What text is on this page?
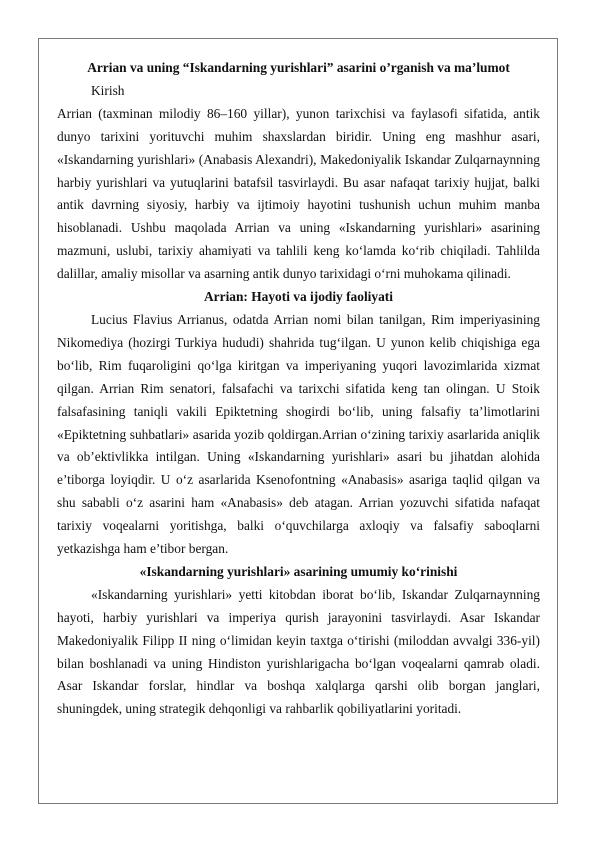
Arrian va uning “Iskandarning yurishlari” asarini o’rganish va ma’lumot

Kirish

Arrian (taxminan milodiy 86–160 yillar), yunon tarixchisi va faylasofi sifatida, antik dunyo tarixini yorituvchi muhim shaxslardan biridir. Uning eng mashhur asari, «Iskandarning yurishlari» (Anabasis Alexandri), Makedoniyalik Iskandar Zulqarnaynning harbiy yurishlari va yutuqlarini batafsil tasvirlaydi. Bu asar nafaqat tarixiy hujjat, balki antik davrning siyosiy, harbiy va ijtimoiy hayotini tushunish uchun muhim manba hisoblanadi. Ushbu maqolada Arrian va uning «Iskandarning yurishlari» asarining mazmuni, uslubi, tarixiy ahamiyati va tahlili keng koʻlamda koʻrib chiqiladi. Tahlilda dalillar, amaliy misollar va asarning antik dunyo tarixidagi oʻrni muhokama qilinadi.

Arrian: Hayoti va ijodiy faoliyati

Lucius Flavius Arrianus, odatda Arrian nomi bilan tanilgan, Rim imperiyasining Nikomediya (hozirgi Turkiya hududi) shahrida tugʻilgan. U yunon kelib chiqishiga ega boʻlib, Rim fuqaroligini qoʻlga kiritgan va imperiyaning yuqori lavozimlarida xizmat qilgan. Arrian Rim senatori, falsafachi va tarixchi sifatida keng tan olingan. U Stoik falsafasining taniqli vakili Epiktetning shogirdi boʻlib, uning falsafiy ta’limotlarini «Epiktetning suhbatlari» asarida yozib qoldirgan.Arrian oʻzining tarixiy asarlarida aniqlik va ob’ektivlikka intilgan. Uning «Iskandarning yurishlari» asari bu jihatdan alohida e’tiborga loyiqdir. U oʻz asarlarida Ksenofontning «Anabasis» asariga taqlid qilgan va shu sababli oʻz asarini ham «Anabasis» deb atagan. Arrian yozuvchi sifatida nafaqat tarixiy voqealarni yoritishga, balki oʻquvchilarga axloqiy va falsafiy saboqlarni yetkazishga ham e’tibor bergan.

«Iskandarning yurishlari» asarining umumiy koʻrinishi

«Iskandarning yurishlari» yetti kitobdan iborat boʻlib, Iskandar Zulqarnaynning hayoti, harbiy yurishlari va imperiya qurish jarayonini tasvirlaydi. Asar Iskandar Makedoniyalik Filipp II ning oʻlimidan keyin taxtga oʻtirishi (miloddan avvalgi 336-yil) bilan boshlanadi va uning Hindiston yurishlarigacha boʻlgan voqealarni qamrab oladi. Asar Iskandar forslar, hindlar va boshqa xalqlarga qarshi olib borgan janglari, shuningdek, uning strategik dehqonligi va rahbarlik qobiliyatlarini yoritadi.
